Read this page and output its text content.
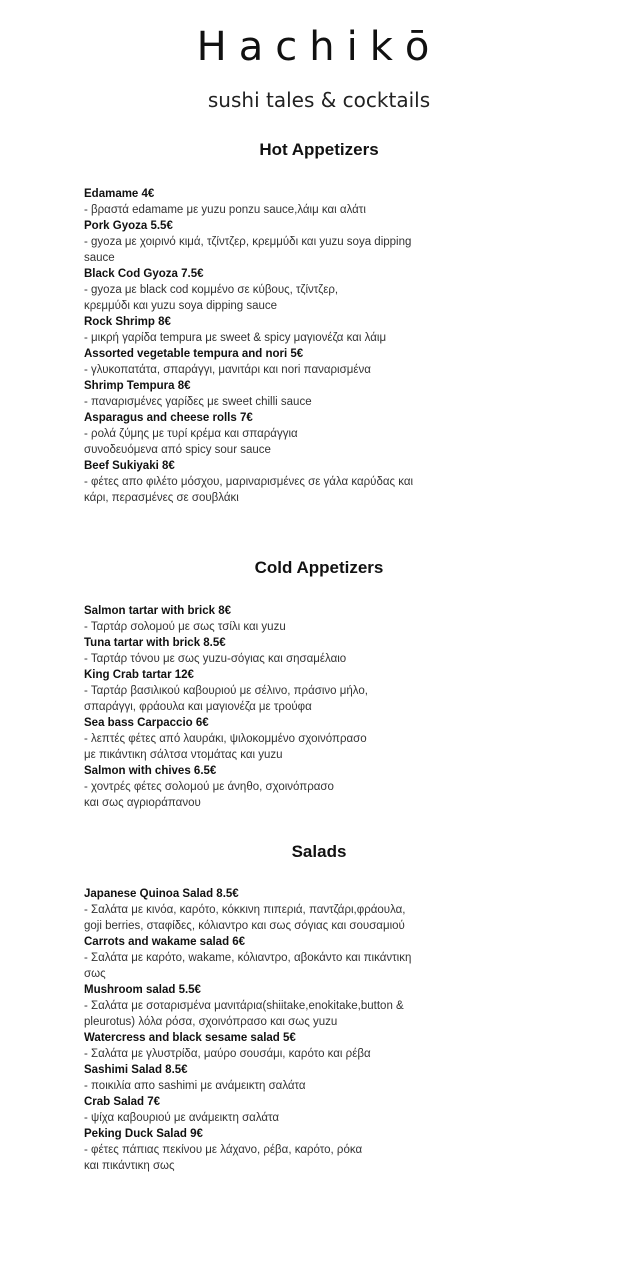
Hachikō
sushi tales & cocktails
Hot Appetizers
Edamame 4€
- βραστά edamame με yuzu ponzu sauce,λάιμ και αλάτι
Pork Gyoza 5.5€
- gyoza με χοιρινό κιμά, τζίντζερ, κρεμμύδι και yuzu soya dipping
sauce
Black Cod Gyoza 7.5€
- gyoza με black cod κομμένο σε κύβους, τζίντζερ,
κρεμμύδι και yuzu soya dipping sauce
Rock Shrimp 8€
- μικρή γαρίδα tempura με sweet & spicy μαγιονέζα και λάιμ
Assorted vegetable tempura and nori 5€
- γλυκοπατάτα, σπαράγγι, μανιτάρι και nori παναρισμένα
Shrimp Tempura 8€
- παναρισμένες γαρίδες με sweet chilli sauce
Asparagus and cheese rolls 7€
- ρολά ζύμης με τυρί κρέμα και σπαράγγια
συνοδευόμενα από spicy sour sauce
Beef Sukiyaki 8€
- φέτες απο φιλέτο μόσχου, μαριναρισμένες σε γάλα καρύδας και
κάρι, περασμένες σε σουβλάκι
Cold Appetizers
Salmon tartar with brick 8€
- Ταρτάρ σολομού με σως τσίλι και yuzu
Tuna tartar with brick 8.5€
- Ταρτάρ τόνου με σως yuzu-σόγιας και σησαμέλαιο
King Crab tartar 12€
- Ταρτάρ βασιλικού καβουριού με σέλινο, πράσινο μήλο,
σπαράγγι, φράουλα και μαγιονέζα με τρούφα
Sea bass Carpaccio 6€
- λεπτές φέτες από λαυράκι, ψιλοκομμένο σχοινόπρασο
με πικάντικη σάλτσα ντομάτας και yuzu
Salmon with chives 6.5€
- χοντρές φέτες σολομού με άνηθο, σχοινόπρασο
και σως αγριοράπανου
Salads
Japanese Quinoa Salad 8.5€
- Σαλάτα με κινόα, καρότο, κόκκινη πιπεριά, παντζάρι,φράουλα,
goji berries, σταφίδες, κόλιαντρο και σως σόγιας και σουσαμιού
Carrots and wakame salad 6€
- Σαλάτα με καρότο, wakame, κόλιαντρο, αβοκάντο και πικάντικη
σως
Mushroom salad 5.5€
- Σαλάτα με σοταρισμένα μανιτάρια(shiitake,enokitake,button &
pleurotus) λόλα ρόσα, σχοινόπρασο και σως yuzu
Watercress and black sesame salad 5€
- Σαλάτα με γλυστρίδα, μαύρο σουσάμι, καρότο και ρέβα
Sashimi Salad 8.5€
- ποικιλία απο sashimi με ανάμεικτη σαλάτα
Crab Salad 7€
- ψίχα καβουριού με ανάμεικτη σαλάτα
Peking Duck Salad 9€
- φέτες πάπιας πεκίνου με λάχανο, ρέβα, καρότο, ρόκα
και πικάντικη σως
